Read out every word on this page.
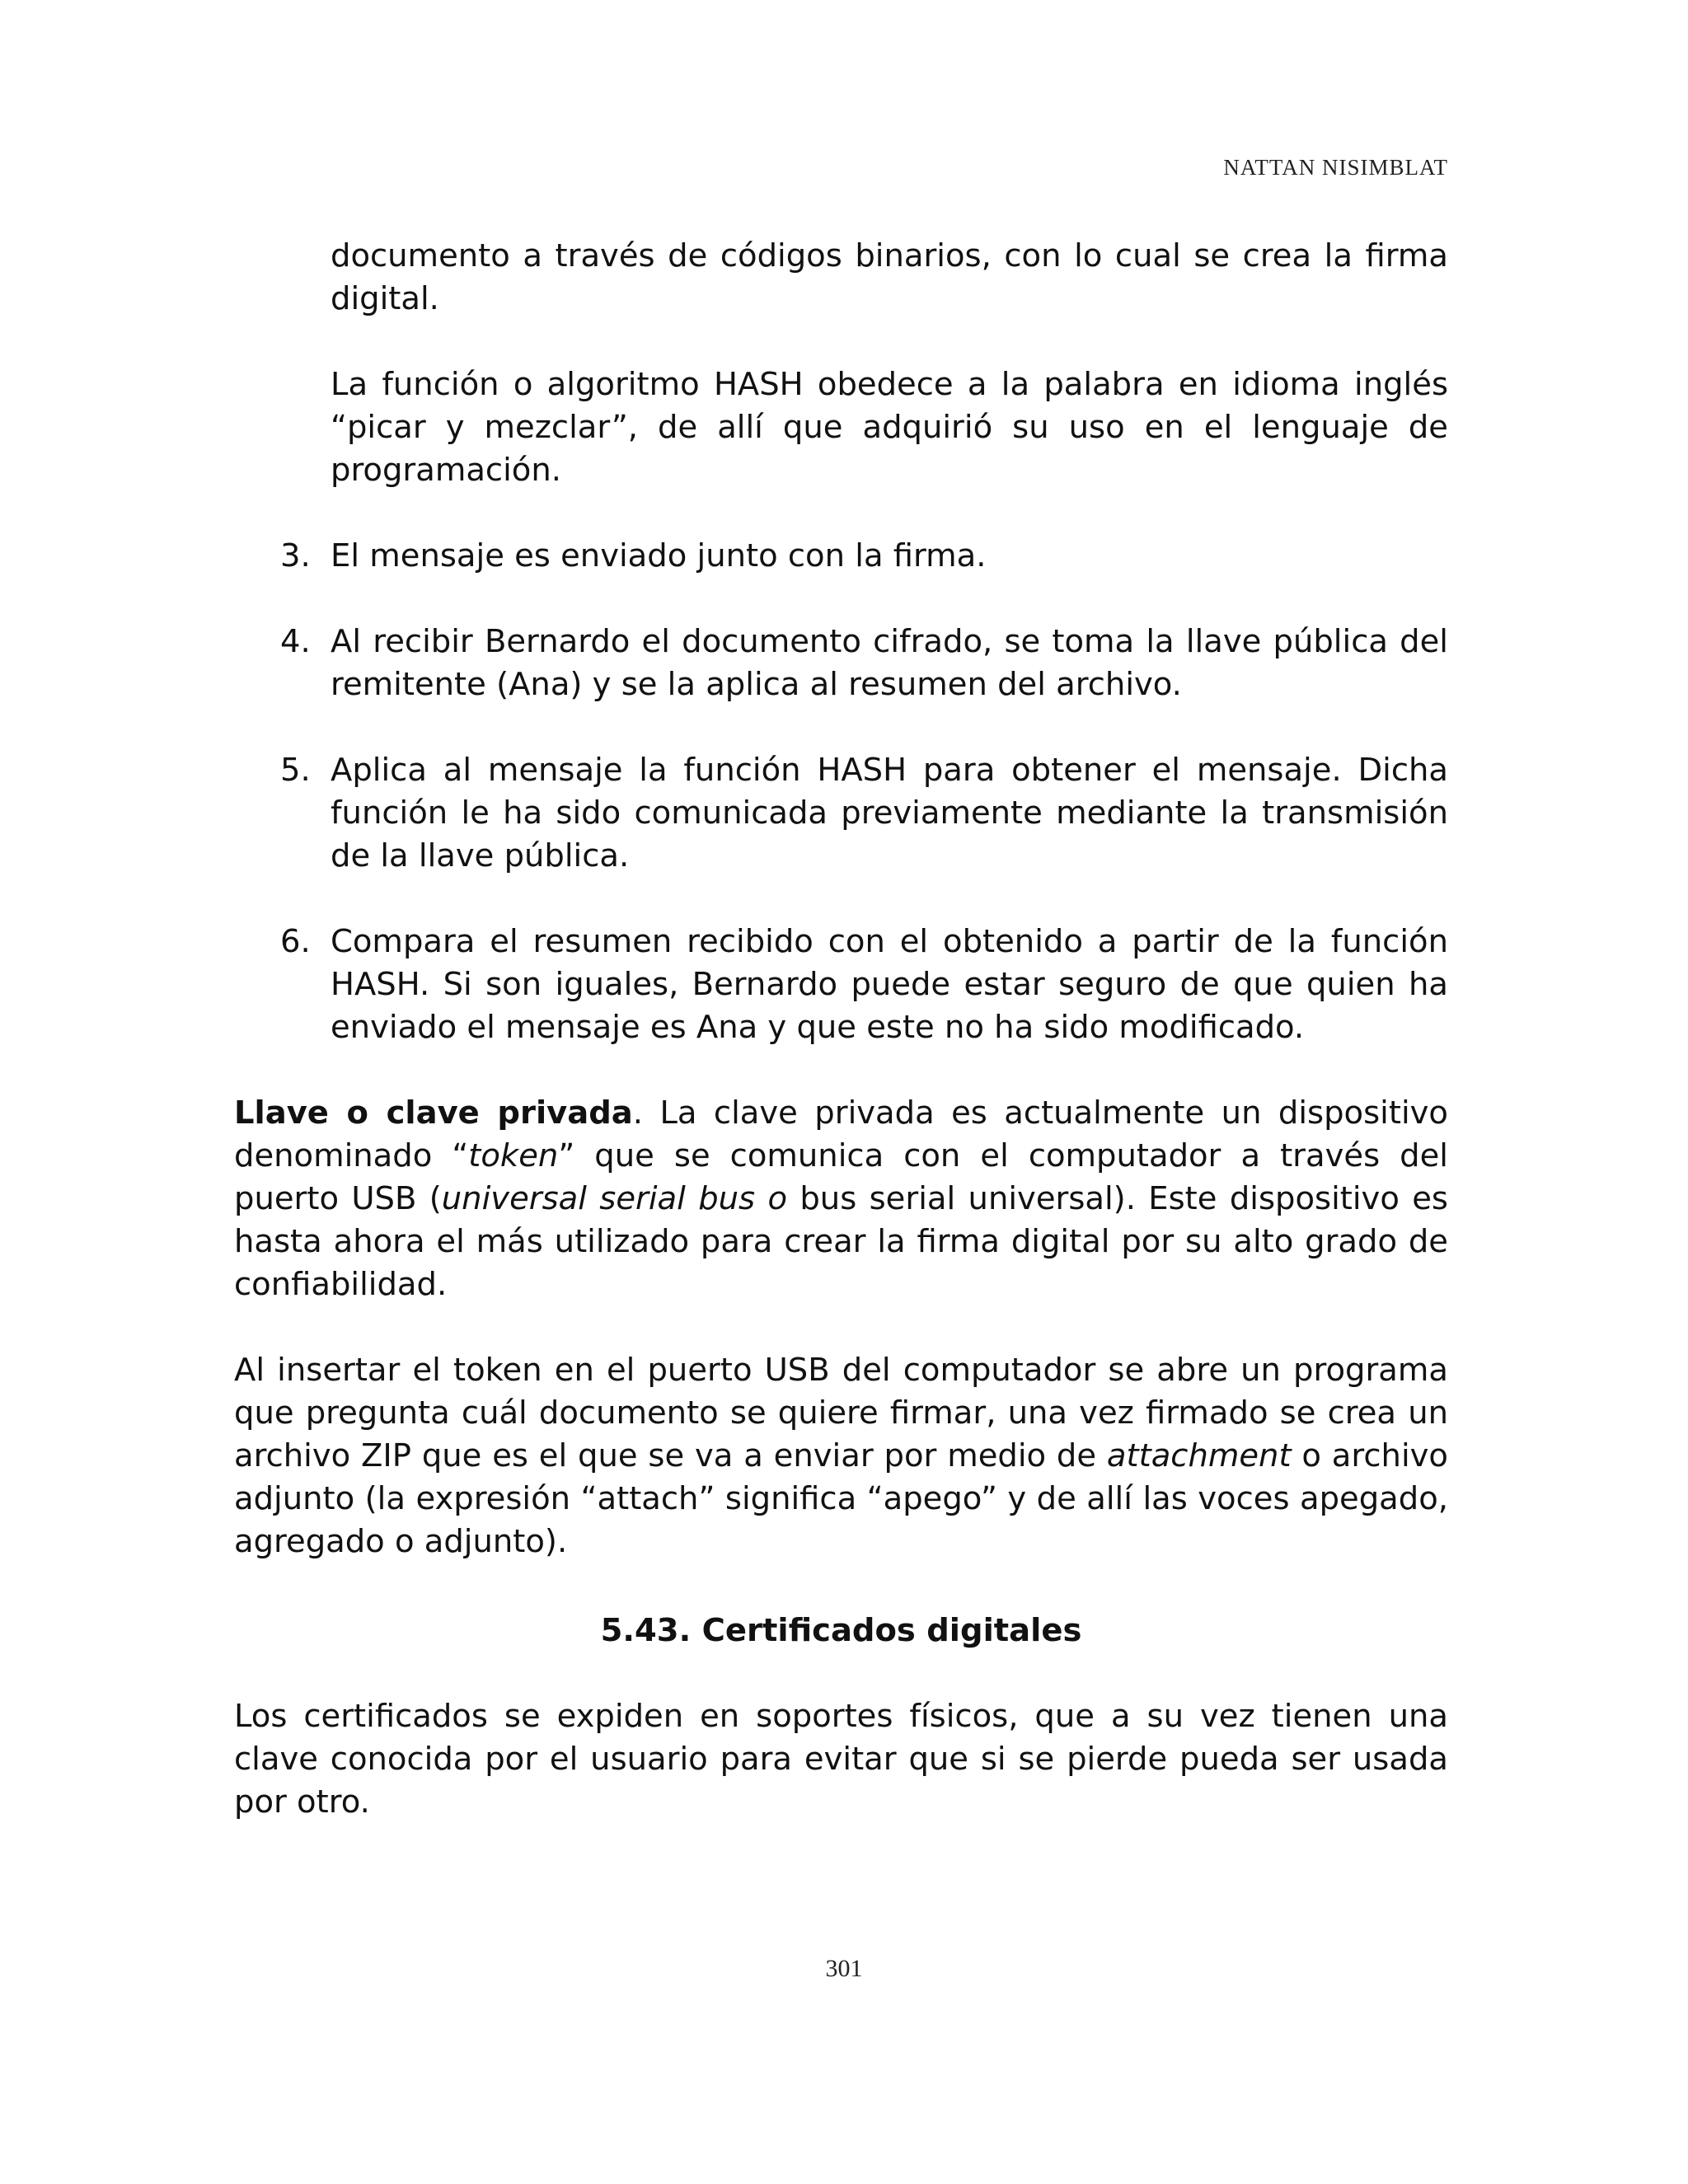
NATTAN NISIMBLAT

documento a través de códigos binarios, con lo cual se crea la firma digital.

La función o algoritmo HASH obedece a la palabra en idioma inglés “picar y mezclar”, de allí que adquirió su uso en el lenguaje de programación.

3. El mensaje es enviado junto con la firma.
4. Al recibir Bernardo el documento cifrado, se toma la llave pública del remitente (Ana) y se la aplica al resumen del archivo.
5. Aplica al mensaje la función HASH para obtener el mensaje. Dicha función le ha sido comunicada previamente mediante la transmisión de la llave pública.
6. Compara el resumen recibido con el obtenido a partir de la función HASH. Si son iguales, Bernardo puede estar seguro de que quien ha enviado el mensaje es Ana y que este no ha sido modificado.

Llave o clave privada. La clave privada es actualmente un dispositivo denominado “token” que se comunica con el computador a través del puerto USB (universal serial bus o bus serial universal). Este dispositivo es hasta ahora el más utilizado para crear la firma digital por su alto grado de confiabilidad.

Al insertar el token en el puerto USB del computador se abre un programa que pregunta cuál documento se quiere firmar, una vez firmado se crea un archivo ZIP que es el que se va a enviar por medio de attachment o archivo adjunto (la expresión “attach” significa “apego” y de allí las voces apegado, agregado o adjunto).

5.43. Certificados digitales

Los certificados se expiden en soportes físicos, que a su vez tienen una clave conocida por el usuario para evitar que si se pierde pueda ser usada por otro.

301
